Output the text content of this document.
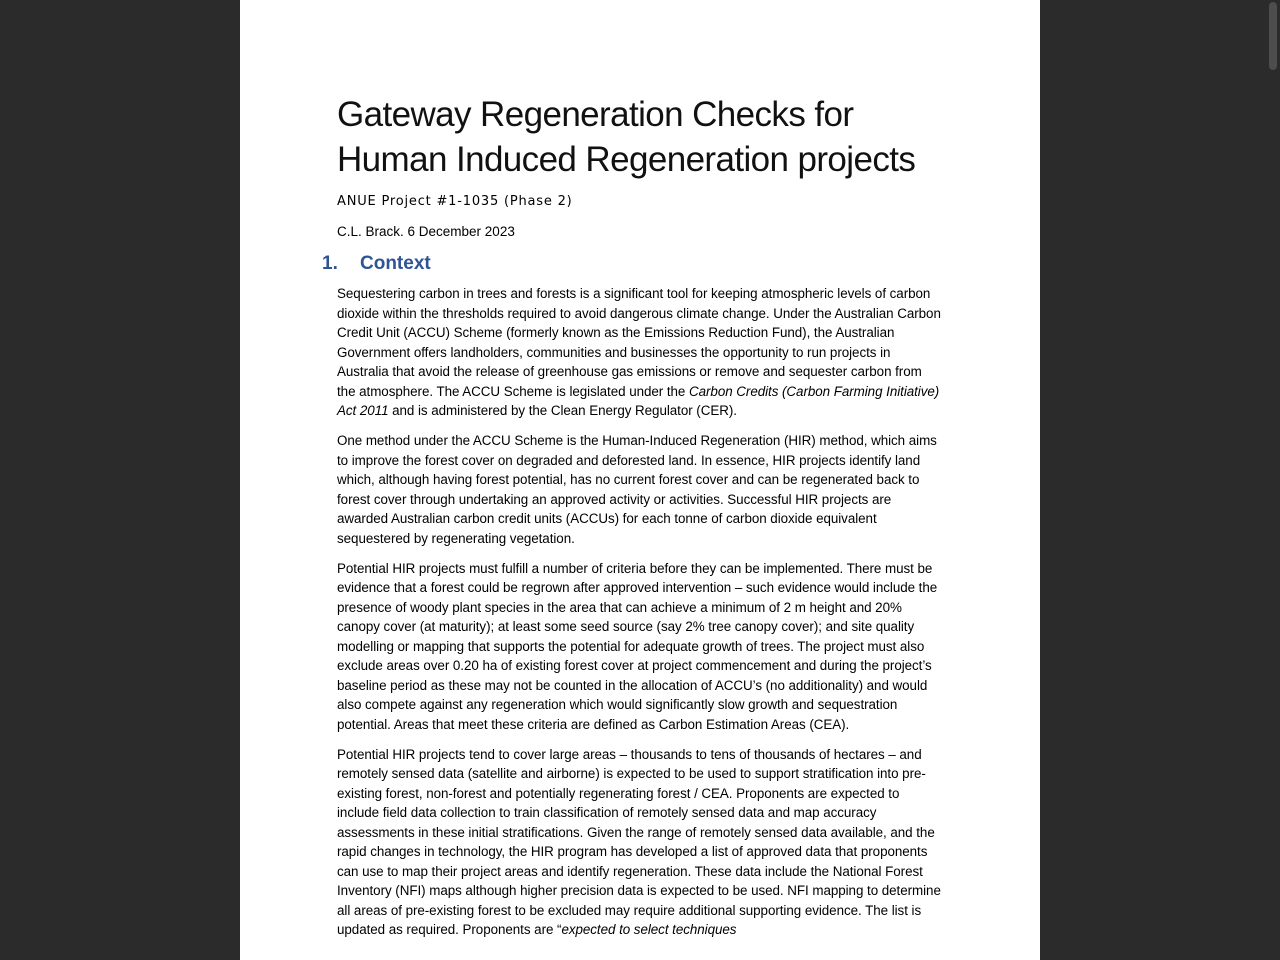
Gateway Regeneration Checks for Human Induced Regeneration projects

ANUE Project #1-1035 (Phase 2)

C.L. Brack. 6 December 2023

1.	Context

Sequestering carbon in trees and forests is a significant tool for keeping atmospheric levels of carbon dioxide within the thresholds required to avoid dangerous climate change. Under the Australian Carbon Credit Unit (ACCU) Scheme (formerly known as the Emissions Reduction Fund), the Australian Government offers landholders, communities and businesses the opportunity to run projects in Australia that avoid the release of greenhouse gas emissions or remove and sequester carbon from the atmosphere. The ACCU Scheme is legislated under the Carbon Credits (Carbon Farming Initiative) Act 2011 and is administered by the Clean Energy Regulator (CER).

One method under the ACCU Scheme is the Human-Induced Regeneration (HIR) method, which aims to improve the forest cover on degraded and deforested land. In essence, HIR projects identify land which, although having forest potential, has no current forest cover and can be regenerated back to forest cover through undertaking an approved activity or activities. Successful HIR projects are awarded Australian carbon credit units (ACCUs) for each tonne of carbon dioxide equivalent sequestered by regenerating vegetation.

Potential HIR projects must fulfill a number of criteria before they can be implemented. There must be evidence that a forest could be regrown after approved intervention – such evidence would include the presence of woody plant species in the area that can achieve a minimum of 2 m height and 20% canopy cover (at maturity); at least some seed source (say 2% tree canopy cover); and site quality modelling or mapping that supports the potential for adequate growth of trees. The project must also exclude areas over 0.20 ha of existing forest cover at project commencement and during the project’s baseline period as these may not be counted in the allocation of ACCU’s (no additionality) and would also compete against any regeneration which would significantly slow growth and sequestration potential. Areas that meet these criteria are defined as Carbon Estimation Areas (CEA).

Potential HIR projects tend to cover large areas – thousands to tens of thousands of hectares – and remotely sensed data (satellite and airborne) is expected to be used to support stratification into pre-existing forest, non-forest and potentially regenerating forest / CEA. Proponents are expected to include field data collection to train classification of remotely sensed data and map accuracy assessments in these initial stratifications. Given the range of remotely sensed data available, and the rapid changes in technology, the HIR program has developed a list of approved data that proponents can use to map their project areas and identify regeneration. These data include the National Forest Inventory (NFI) maps although higher precision data is expected to be used. NFI mapping to determine all areas of pre-existing forest to be excluded may require additional supporting evidence. The list is updated as required. Proponents are “expected to select techniques
